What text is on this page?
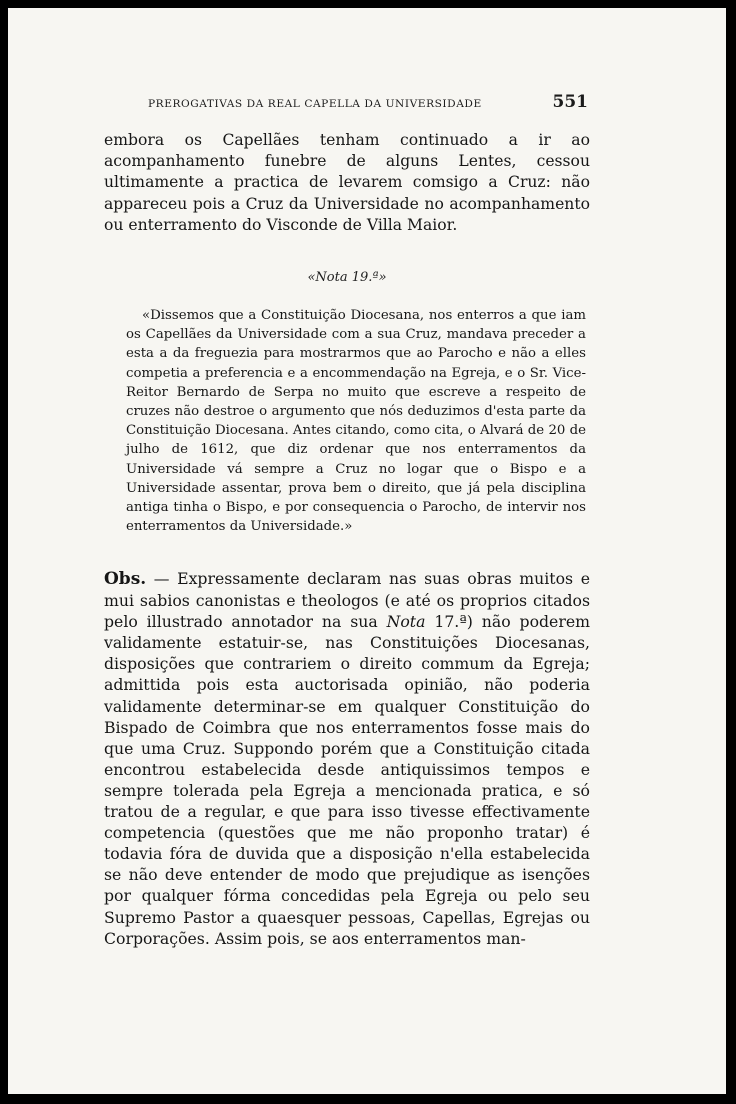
PREROGATIVAS DA REAL CAPELLA DA UNIVERSIDADE	551

embora os Capellães tenham continuado a ir ao acompanhamento funebre de alguns Lentes, cessou ultimamente a practica de levarem comsigo a Cruz: não appareceu pois a Cruz da Universidade no acompanhamento ou enterramento do Visconde de Villa Maior.

«Nota 19.ª»

«Dissemos que a Constituição Diocesana, nos enterros a que iam os Capellães da Universidade com a sua Cruz, mandava preceder a esta a da freguezia para mostrarmos que ao Parocho e não a elles competia a preferencia e a encommendação na Egreja, e o Sr. Vice-Reitor Bernardo de Serpa no muito que escreve a respeito de cruzes não destroe o argumento que nós deduzimos d'esta parte da Constituição Diocesana. Antes citando, como cita, o Alvará de 20 de julho de 1612, que diz ordenar que nos enterramentos da Universidade vá sempre a Cruz no logar que o Bispo e a Universidade assentar, prova bem o direito, que já pela disciplina antiga tinha o Bispo, e por consequencia o Parocho, de intervir nos enterramentos da Universidade.»

Obs. — Expressamente declaram nas suas obras muitos e mui sabios canonistas e theologos (e até os proprios citados pelo illustrado annotador na sua Nota 17.ª) não poderem validamente estatuir-se, nas Constituições Diocesanas, disposições que contrariem o direito commum da Egreja; admittida pois esta auctorisada opinião, não poderia validamente determinar-se em qualquer Constituição do Bispado de Coimbra que nos enterramentos fosse mais do que uma Cruz. Suppondo porém que a Constituição citada encontrou estabelecida desde antiquissimos tempos e sempre tolerada pela Egreja a mencionada pratica, e só tratou de a regular, e que para isso tivesse effectivamente competencia (questões que me não proponho tratar) é todavia fóra de duvida que a disposição n'ella estabelecida se não deve entender de modo que prejudique as isenções por qualquer fórma concedidas pela Egreja ou pelo seu Supremo Pastor a quaesquer pessoas, Capellas, Egrejas ou Corporações. Assim pois, se aos enterramentos man-
